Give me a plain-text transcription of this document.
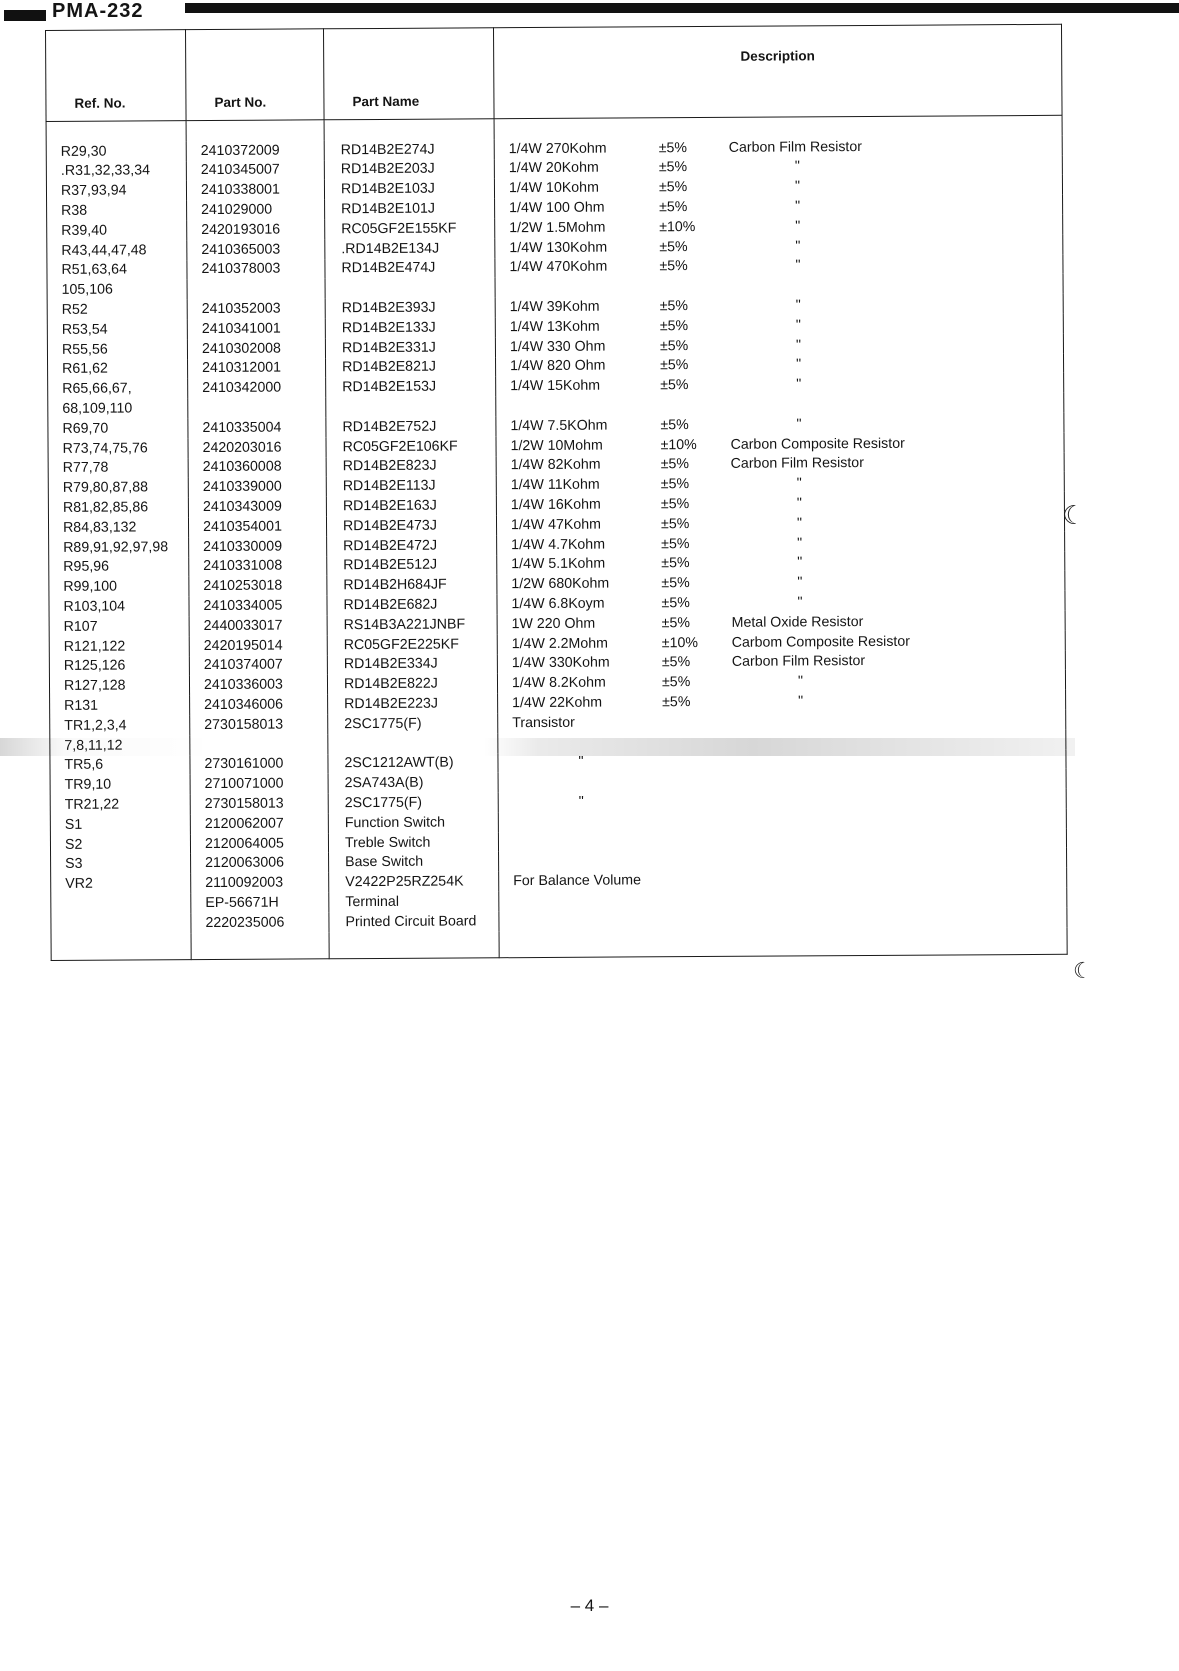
PMA-232
Ref. No.	Part No.	Part Name	Description

R29,30	2410372009	RD14B2E274J	1/4W 270Kohm ±5% Carbon Film Resistor
.R31,32,33,34	2410345007	RD14B2E203J	1/4W 20Kohm ±5% "
R37,93,94	2410338001	RD14B2E103J	1/4W 10Kohm ±5% "
R38	241029000	RD14B2E101J	1/4W 100 Ohm ±5% "
R39,40	2420193016	RC05GF2E155KF	1/2W 1.5Mohm ±10% "
R43,44,47,48	2410365003	.RD14B2E134J	1/4W 130Kohm ±5% "
R51,63,64	2410378003	RD14B2E474J	1/4W 470Kohm ±5% "
105,106			
R52	2410352003	RD14B2E393J	1/4W 39Kohm ±5% "
R53,54	2410341001	RD14B2E133J	1/4W 13Kohm ±5% "
R55,56	2410302008	RD14B2E331J	1/4W 330 Ohm ±5% "
R61,62	2410312001	RD14B2E821J	1/4W 820 Ohm ±5% "
R65,66,67,	2410342000	RD14B2E153J	1/4W 15Kohm ±5% "
68,109,110			
R69,70	2410335004	RD14B2E752J	1/4W 7.5KOhm ±5% "
R73,74,75,76	2420203016	RC05GF2E106KF	1/2W 10Mohm ±10% Carbon Composite Resistor
R77,78	2410360008	RD14B2E823J	1/4W 82Kohm ±5% Carbon Film Resistor
R79,80,87,88	2410339000	RD14B2E113J	1/4W 11Kohm ±5% "
R81,82,85,86	2410343009	RD14B2E163J	1/4W 16Kohm ±5% "
R84,83,132	2410354001	RD14B2E473J	1/4W 47Kohm ±5% "
R89,91,92,97,98	2410330009	RD14B2E472J	1/4W 4.7Kohm ±5% "
R95,96	2410331008	RD14B2E512J	1/4W 5.1Kohm ±5% "
R99,100	2410253018	RD14B2H684JF	1/2W 680Kohm ±5% "
R103,104	2410334005	RD14B2E682J	1/4W 6.8Koym ±5% "
R107	2440033017	RS14B3A221JNBF	1W 220 Ohm ±5% Metal Oxide Resistor
R121,122	2420195014	RC05GF2E225KF	1/4W 2.2Mohm ±10% Carbom Composite Resistor
R125,126	2410374007	RD14B2E334J	1/4W 330Kohm ±5% Carbon Film Resistor
R127,128	2410336003	RD14B2E822J	1/4W 8.2Kohm ±5% "
R131	2410346006	RD14B2E223J	1/4W 22Kohm ±5% "
TR1,2,3,4	2730158013	2SC1775(F)	Transistor
7,8,11,12			
TR5,6	2730161000	2SC1212AWT(B)	"
TR9,10	2710071000	2SA743A(B)	
TR21,22	2730158013	2SC1775(F)	"
S1	2120062007	Function Switch	
S2	2120064005	Treble Switch	
S3	2120063006	Base Switch	
VR2	2110092003	V2422P25RZ254K	For Balance Volume
	EP-56671H	Terminal	
	2220235006	Printed Circuit Board	

☾
☾
– 4 –
